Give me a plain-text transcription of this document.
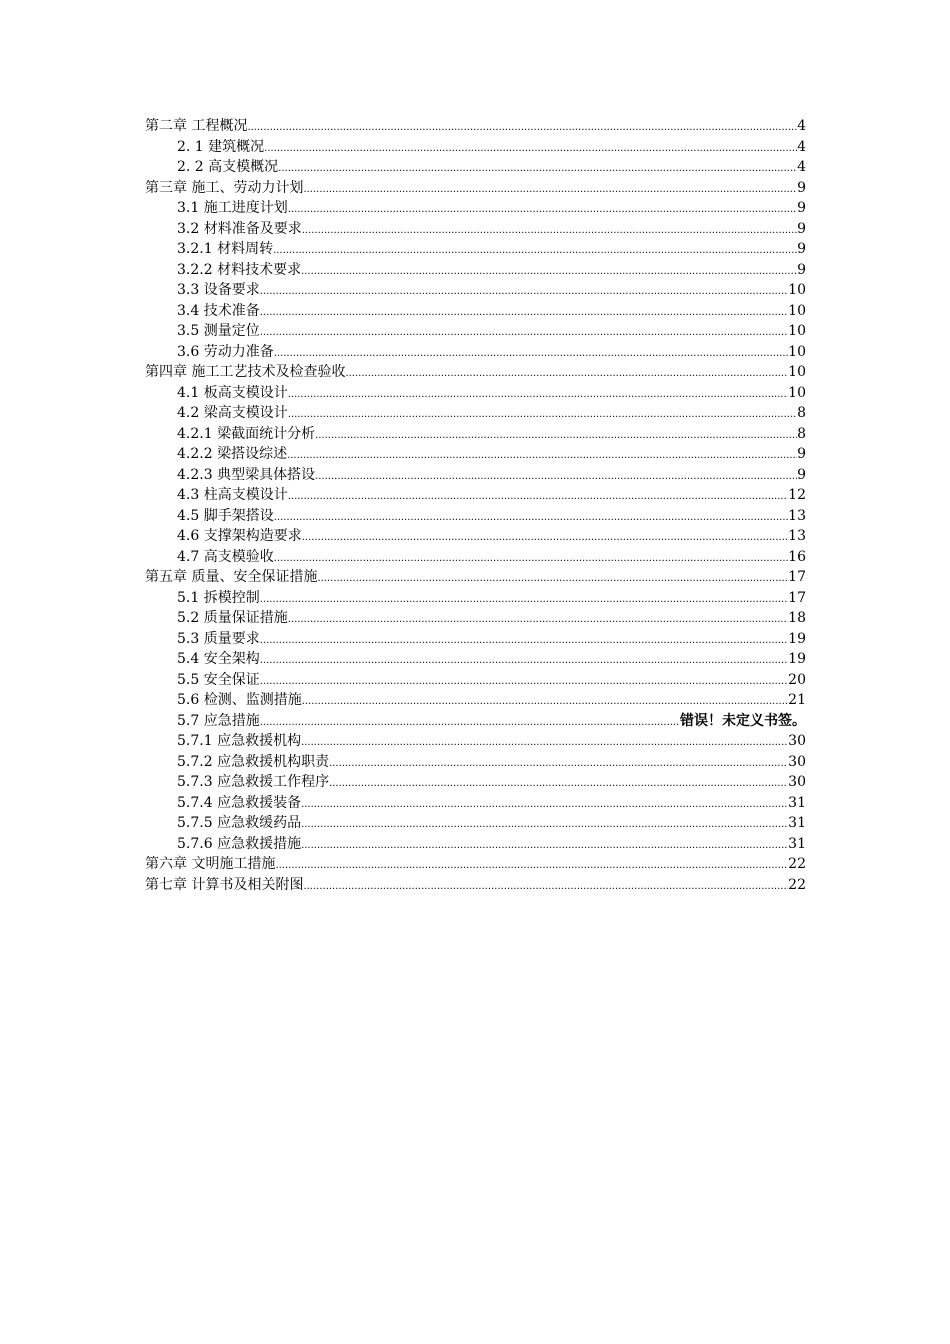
第二章 工程概况 .....	4
2. 1 建筑概况 .....	4
2. 2 高支模概况 .....	4
第三章 施工、劳动力计划 .....	9
3.1 施工进度计划 .....	9
3.2 材料准备及要求 .....	9
3.2.1 材料周转 .....	9
3.2.2 材料技术要求 .....	9
3.3 设备要求 .....	10
3.4 技术准备 .....	10
3.5 测量定位 .....	10
3.6 劳动力准备 .....	10
第四章 施工工艺技术及检查验收 .....	10
4.1 板高支模设计 .....	10
4.2 梁高支模设计 .....	8
4.2.1 梁截面统计分析 .....	8
4.2.2 梁搭设综述 .....	9
4.2.3 典型梁具体搭设 .....	9
4.3 柱高支模设计 .....	12
4.5 脚手架搭设 .....	13
4.6 支撑架构造要求 .....	13
4.7 高支模验收 .....	16
第五章 质量、安全保证措施 .....	17
5.1 拆模控制 .....	17
5.2 质量保证措施 .....	18
5.3 质量要求 .....	19
5.4 安全架构 .....	19
5.5 安全保证 .....	20
5.6 检测、监测措施 .....	21
5.7 应急措施 .....	错误！未定义书签。
5.7.1 应急救援机构 .....	30
5.7.2 应急救援机构职责 .....	30
5.7.3 应急救援工作程序 .....	30
5.7.4 应急救援装备 .....	31
5.7.5 应急救缓药品 .....	31
5.7.6 应急救援措施 .....	31
第六章 文明施工措施 .....	22
第七章 计算书及相关附图 .....	22
